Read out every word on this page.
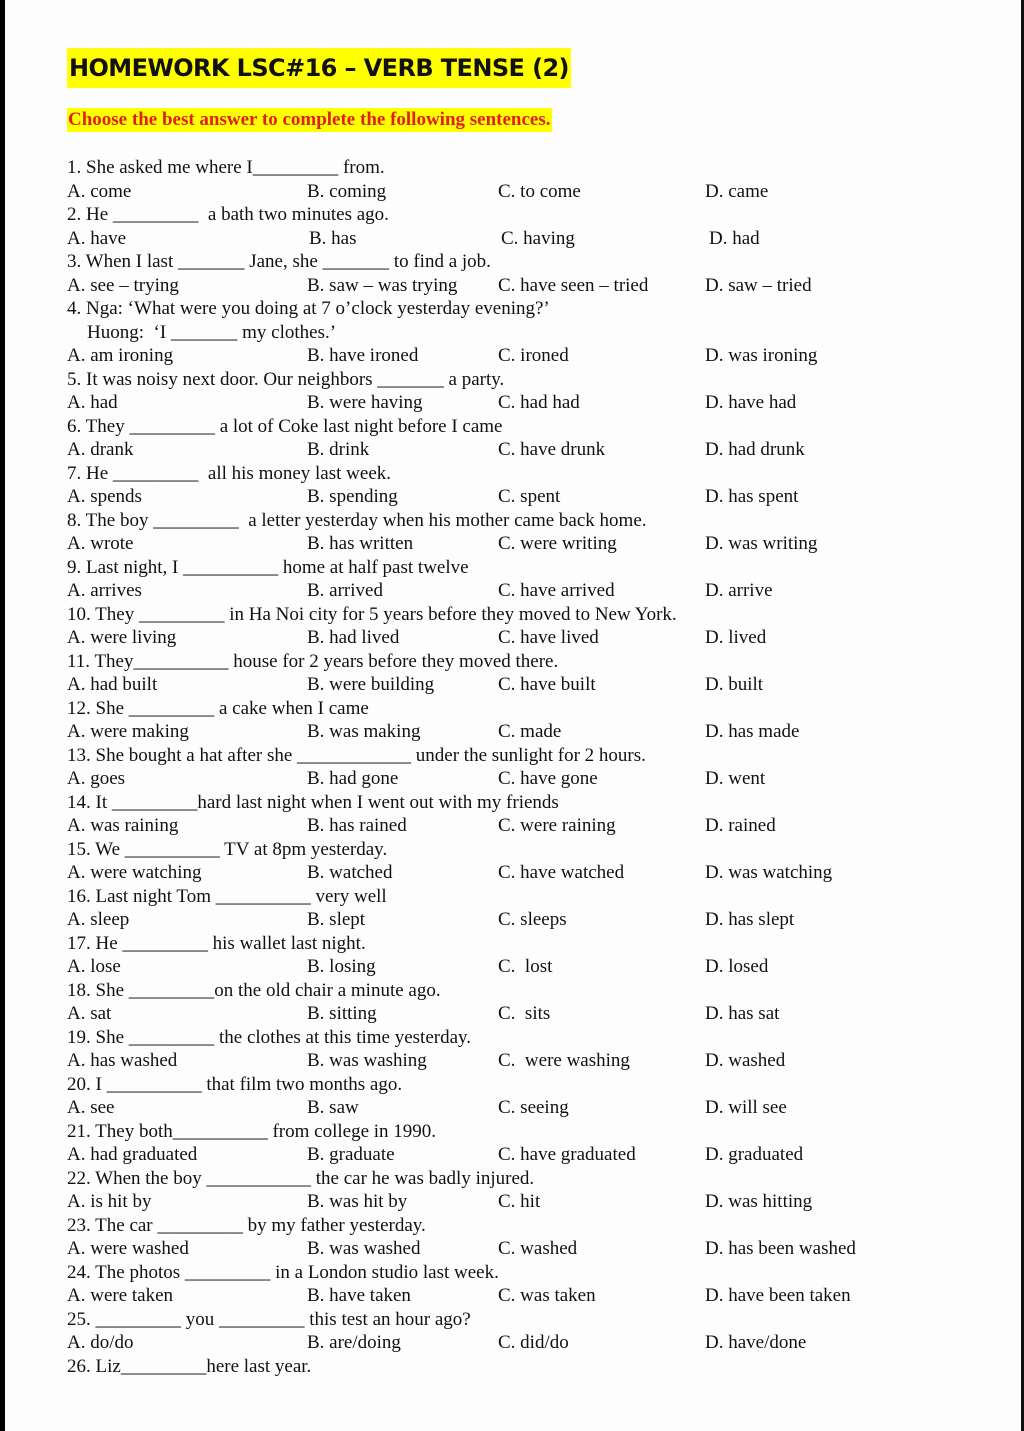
HOMEWORK LSC#16 – VERB TENSE (2)
Choose the best answer to complete the following sentences.
1. She asked me where I_________ from.
A. come	B. coming	C. to come	D. came
2. He _________  a bath two minutes ago.
A. have	B. has	C. having	D. had
3. When I last _______ Jane, she _______ to find a job.
A. see – trying	B. saw – was trying C. have seen – tried	D. saw – tried
4. Nga: ‘What were you doing at 7 o’clock yesterday evening?’
Huong:  ‘I _______ my clothes.’
A. am ironing	B. have ironed	C. ironed	D. was ironing
5. It was noisy next door. Our neighbors _______ a party.
A. had	B. were having	C. had had	D. have had
6. They _________ a lot of Coke last night before I came
A. drank	B. drink	C. have drunk	D. had drunk
7. He _________  all his money last week.
A. spends	B. spending	C. spent	D. has spent
8. The boy _________  a letter yesterday when his mother came back home.
A. wrote	B. has written	C. were writing	D. was writing
9. Last night, I __________ home at half past twelve
A. arrives	B. arrived	C. have arrived	D. arrive
10. They _________ in Ha Noi city for 5 years before they moved to New York.
A. were living	B. had lived	C. have lived	D. lived
11. They__________ house for 2 years before they moved there.
A. had built	B. were building	C. have built	D. built
12. She _________ a cake when I came
A. were making	B. was making	C. made	D. has made
13. She bought a hat after she ____________ under the sunlight for 2 hours.
A. goes	B. had gone	C. have gone	D. went
14. It _________hard last night when I went out with my friends
A. was raining	B. has rained	C. were raining	D. rained
15. We __________ TV at 8pm yesterday.
A. were watching	B. watched	C. have watched	D. was watching
16. Last night Tom __________ very well
A. sleep	B. slept	C. sleeps	D. has slept
17. He _________ his wallet last night.
A. lose	B. losing	C.  lost	D. losed
18. She _________on the old chair a minute ago.
A. sat	B. sitting	C.  sits	D. has sat
19. She _________ the clothes at this time yesterday.
A. has washed	B. was washing	C.  were washing	D. washed
20. I __________ that film two months ago.
A. see	B. saw	C. seeing	D. will see
21. They both__________ from college in 1990.
A. had graduated	B. graduate	C. have graduated	D. graduated
22. When the boy ___________ the car he was badly injured.
A. is hit by	B. was hit by	C. hit	D. was hitting
23. The car _________ by my father yesterday.
A. were washed	B. was washed	C. washed	D. has been washed
24. The photos _________ in a London studio last week.
A. were taken	B. have taken	C. was taken	D. have been taken
25. _________ you _________ this test an hour ago?
A. do/do	B. are/doing	C. did/do	D. have/done
26. Liz_________here last year.
